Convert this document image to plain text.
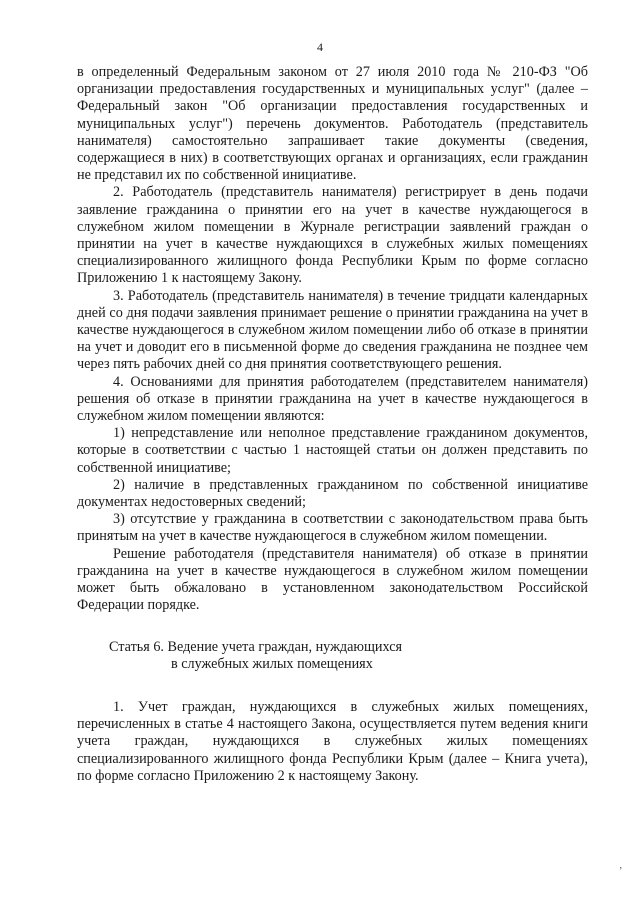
4

в определенный Федеральным законом от 27 июля 2010 года № 210-ФЗ "Об организации предоставления государственных и муниципальных услуг" (далее – Федеральный закон "Об организации предоставления государственных и муниципальных услуг") перечень документов. Работодатель (представитель нанимателя) самостоятельно запрашивает такие документы (сведения, содержащиеся в них) в соответствующих органах и организациях, если гражданин не представил их по собственной инициативе.

2. Работодатель (представитель нанимателя) регистрирует в день подачи заявление гражданина о принятии его на учет в качестве нуждающегося в служебном жилом помещении в Журнале регистрации заявлений граждан о принятии на учет в качестве нуждающихся в служебных жилых помещениях специализированного жилищного фонда Республики Крым по форме согласно Приложению 1 к настоящему Закону.

3. Работодатель (представитель нанимателя) в течение тридцати календарных дней со дня подачи заявления принимает решение о принятии гражданина на учет в качестве нуждающегося в служебном жилом помещении либо об отказе в принятии на учет и доводит его в письменной форме до сведения гражданина не позднее чем через пять рабочих дней со дня принятия соответствующего решения.

4. Основаниями для принятия работодателем (представителем нанимателя) решения об отказе в принятии гражданина на учет в качестве нуждающегося в служебном жилом помещении являются:

1) непредставление или неполное представление гражданином документов, которые в соответствии с частью 1 настоящей статьи он должен представить по собственной инициативе;

2) наличие в представленных гражданином по собственной инициативе документах недостоверных сведений;

3) отсутствие у гражданина в соответствии с законодательством права быть принятым на учет в качестве нуждающегося в служебном жилом помещении.

Решение работодателя (представителя нанимателя) об отказе в принятии гражданина на учет в качестве нуждающегося в служебном жилом помещении может быть обжаловано в установленном законодательством Российской Федерации порядке.

Статья 6. Ведение учета граждан, нуждающихся
в служебных жилых помещениях

1. Учет граждан, нуждающихся в служебных жилых помещениях, перечисленных в статье 4 настоящего Закона, осуществляется путем ведения книги учета граждан, нуждающихся в служебных жилых помещениях специализированного жилищного фонда Республики Крым (далее – Книга учета), по форме согласно Приложению 2 к настоящему Закону.

,
